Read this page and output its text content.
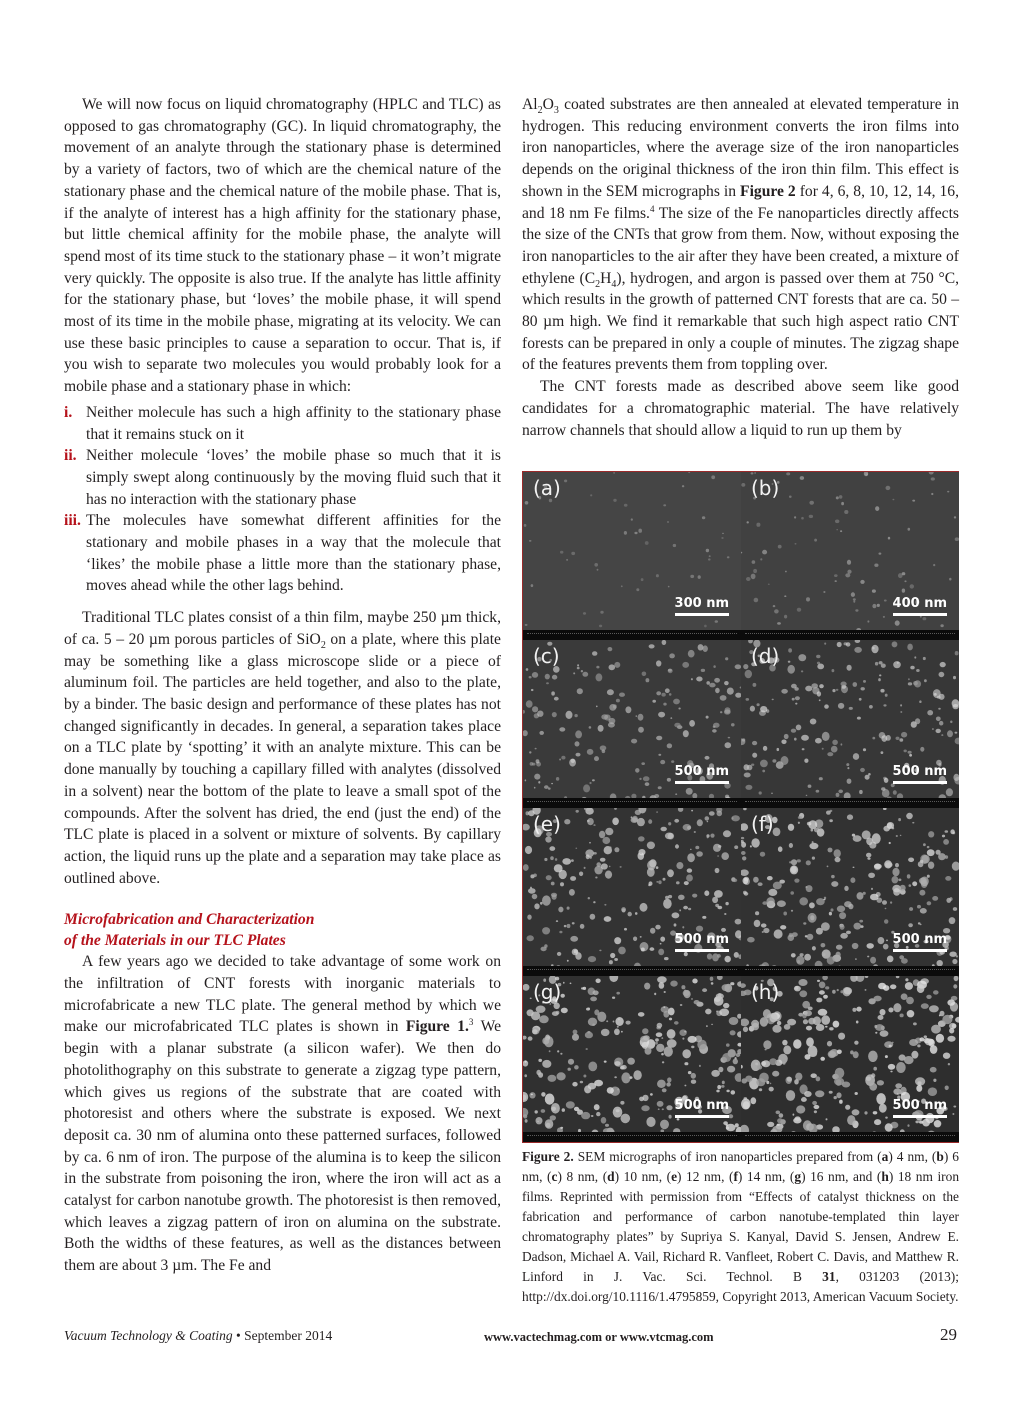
We will now focus on liquid chromatography (HPLC and TLC) as opposed to gas chromatography (GC). In liquid chromatography, the movement of an analyte through the stationary phase is determined by a variety of factors, two of which are the chemical nature of the stationary phase and the chemical nature of the mobile phase. That is, if the analyte of interest has a high affinity for the stationary phase, but little chemical affinity for the mobile phase, the analyte will spend most of its time stuck to the stationary phase – it won’t migrate very quickly. The opposite is also true. If the analyte has little affinity for the stationary phase, but ‘loves’ the mobile phase, it will spend most of its time in the mobile phase, migrating at its velocity. We can use these basic principles to cause a separation to occur. That is, if you wish to separate two molecules you would probably look for a mobile phase and a stationary phase in which:

i. Neither molecule has such a high affinity to the stationary phase that it remains stuck on it
ii. Neither molecule ‘loves’ the mobile phase so much that it is simply swept along continuously by the moving fluid such that it has no interaction with the stationary phase
iii. The molecules have somewhat different affinities for the stationary and mobile phases in a way that the molecule that ‘likes’ the mobile phase a little more than the stationary phase, moves ahead while the other lags behind.

Traditional TLC plates consist of a thin film, maybe 250 µm thick, of ca. 5 – 20 µm porous particles of SiO$_2$ on a plate, where this plate may be something like a glass microscope slide or a piece of aluminum foil. The particles are held together, and also to the plate, by a binder. The basic design and performance of these plates has not changed significantly in decades. In general, a separation takes place on a TLC plate by ‘spotting’ it with an analyte mixture. This can be done manually by touching a capillary filled with analytes (dissolved in a solvent) near the bottom of the plate to leave a small spot of the compounds. After the solvent has dried, the end (just the end) of the TLC plate is placed in a solvent or mixture of solvents. By capillary action, the liquid runs up the plate and a separation may take place as outlined above.

Microfabrication and Characterization
of the Materials in our TLC Plates

A few years ago we decided to take advantage of some work on the infiltration of CNT forests with inorganic materials to microfabricate a new TLC plate. The general method by which we make our microfabricated TLC plates is shown in Figure 1.$^3$ We begin with a planar substrate (a silicon wafer). We then do photolithography on this substrate to generate a zigzag type pattern, which gives us regions of the substrate that are coated with photoresist and others where the substrate is exposed. We next deposit ca. 30 nm of alumina onto these patterned surfaces, followed by ca. 6 nm of iron. The purpose of the alumina is to keep the silicon in the substrate from poisoning the iron, where the iron will act as a catalyst for carbon nanotube growth. The photoresist is then removed, which leaves a zigzag pattern of iron on alumina on the substrate. Both the widths of these features, as well as the distances between them are about 3 µm. The Fe and

$Al_2O_3$ coated substrates are then annealed at elevated temperature in hydrogen. This reducing environment converts the iron films into iron nanoparticles, where the average size of the iron nanoparticles depends on the original thickness of the iron thin film. This effect is shown in the SEM micrographs in Figure 2 for 4, 6, 8, 10, 12, 14, 16, and 18 nm Fe films.$^4$ The size of the Fe nanoparticles directly affects the size of the CNTs that grow from them. Now, without exposing the iron nanoparticles to the air after they have been created, a mixture of ethylene $(C_2H_4)$, hydrogen, and argon is passed over them at 750 °C, which results in the growth of patterned CNT forests that are ca. 50 – 80 µm high. We find it remarkable that such high aspect ratio CNT forests can be prepared in only a couple of minutes. The zigzag shape of the features prevents them from toppling over.

The CNT forests made as described above seem like good candidates for a chromatographic material. The have relatively narrow channels that should allow a liquid to run up them by

(a)
300 nm
(b)
400 nm
(c)
500 nm
(d)
500 nm
(e)
500 nm
(f)
500 nm
(g)
500 nm
(h)
500 nm
Figure 2. SEM micrographs of iron nanoparticles prepared from (a) 4 nm, (b) 6 nm, (c) 8 nm, (d) 10 nm, (e) 12 nm, (f) 14 nm, (g) 16 nm, and (h) 18 nm iron films. Reprinted with permission from “Effects of catalyst thickness on the fabrication and performance of carbon nanotube-templated thin layer chromatography plates” by Supriya S. Kanyal, David S. Jensen, Andrew E. Dadson, Michael A. Vail, Richard R. Vanfleet, Robert C. Davis, and Matthew R. Linford in J. Vac. Sci. Technol. B 31, 031203 (2013); http://dx.doi.org/10.1116/1.4795859, Copyright 2013, American Vacuum Society.
Vacuum Technology & Coating • September 2014	www.vactechmag.com or www.vtcmag.com	29
